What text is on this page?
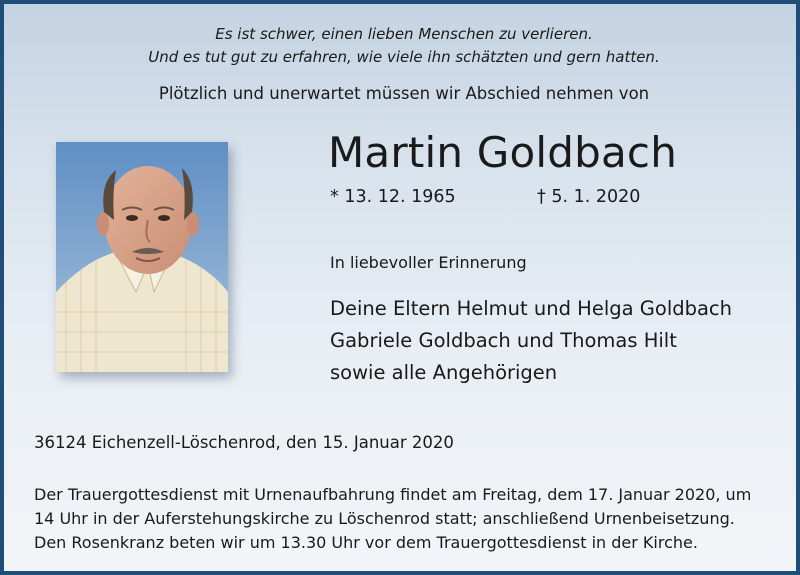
Es ist schwer, einen lieben Menschen zu verlieren.
Und es tut gut zu erfahren, wie viele ihn schätzten und gern hatten.
Plötzlich und unerwartet müssen wir Abschied nehmen von
Martin Goldbach
* 13. 12. 1965	† 5. 1. 2020
In liebevoller Erinnerung
Deine Eltern Helmut und Helga Goldbach
Gabriele Goldbach und Thomas Hilt
sowie alle Angehörigen
36124 Eichenzell-Löschenrod, den 15. Januar 2020
Der Trauergottesdienst mit Urnenaufbahrung findet am Freitag, dem 17. Januar 2020, um
14 Uhr in der Auferstehungskirche zu Löschenrod statt; anschließend Urnenbeisetzung.
Den Rosenkranz beten wir um 13.30 Uhr vor dem Trauergottesdienst in der Kirche.
